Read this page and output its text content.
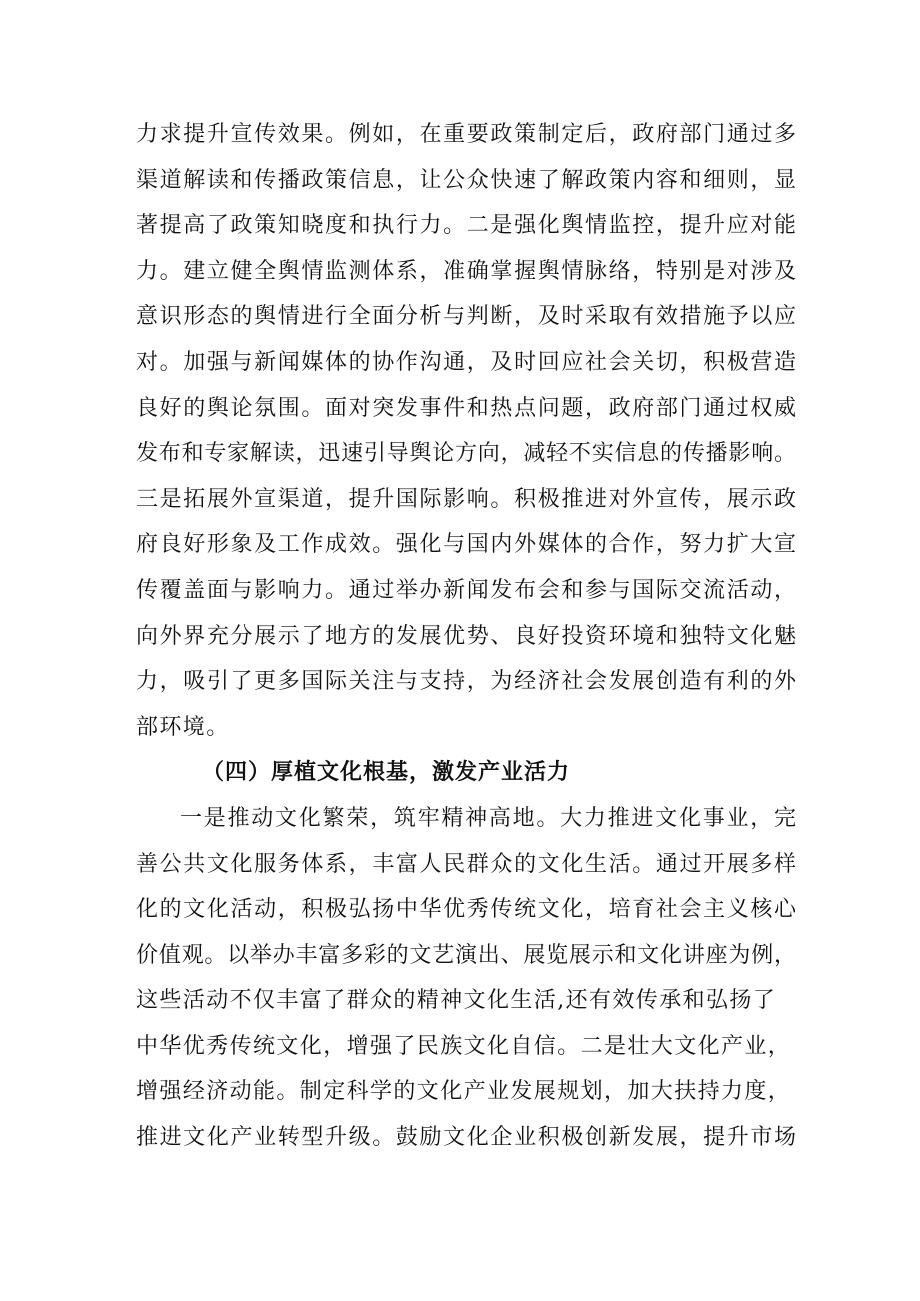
力求提升宣传效果。例如，在重要政策制定后，政府部门通过多
渠道解读和传播政策信息，让公众快速了解政策内容和细则，显
著提高了政策知晓度和执行力。二是强化舆情监控，提升应对能
力。建立健全舆情监测体系，准确掌握舆情脉络，特别是对涉及
意识形态的舆情进行全面分析与判断，及时采取有效措施予以应
对。加强与新闻媒体的协作沟通，及时回应社会关切，积极营造
良好的舆论氛围。面对突发事件和热点问题，政府部门通过权威
发布和专家解读，迅速引导舆论方向，减轻不实信息的传播影响。
三是拓展外宣渠道，提升国际影响。积极推进对外宣传，展示政
府良好形象及工作成效。强化与国内外媒体的合作，努力扩大宣
传覆盖面与影响力。通过举办新闻发布会和参与国际交流活动，
向外界充分展示了地方的发展优势、良好投资环境和独特文化魅
力，吸引了更多国际关注与支持，为经济社会发展创造有利的外
部环境。
（四）厚植文化根基，激发产业活力
一是推动文化繁荣，筑牢精神高地。大力推进文化事业，完
善公共文化服务体系，丰富人民群众的文化生活。通过开展多样
化的文化活动，积极弘扬中华优秀传统文化，培育社会主义核心
价值观。以举办丰富多彩的文艺演出、展览展示和文化讲座为例，
这些活动不仅丰富了群众的精神文化生活,还有效传承和弘扬了
中华优秀传统文化，增强了民族文化自信。二是壮大文化产业，
增强经济动能。制定科学的文化产业发展规划，加大扶持力度，
推进文化产业转型升级。鼓励文化企业积极创新发展，提升市场
